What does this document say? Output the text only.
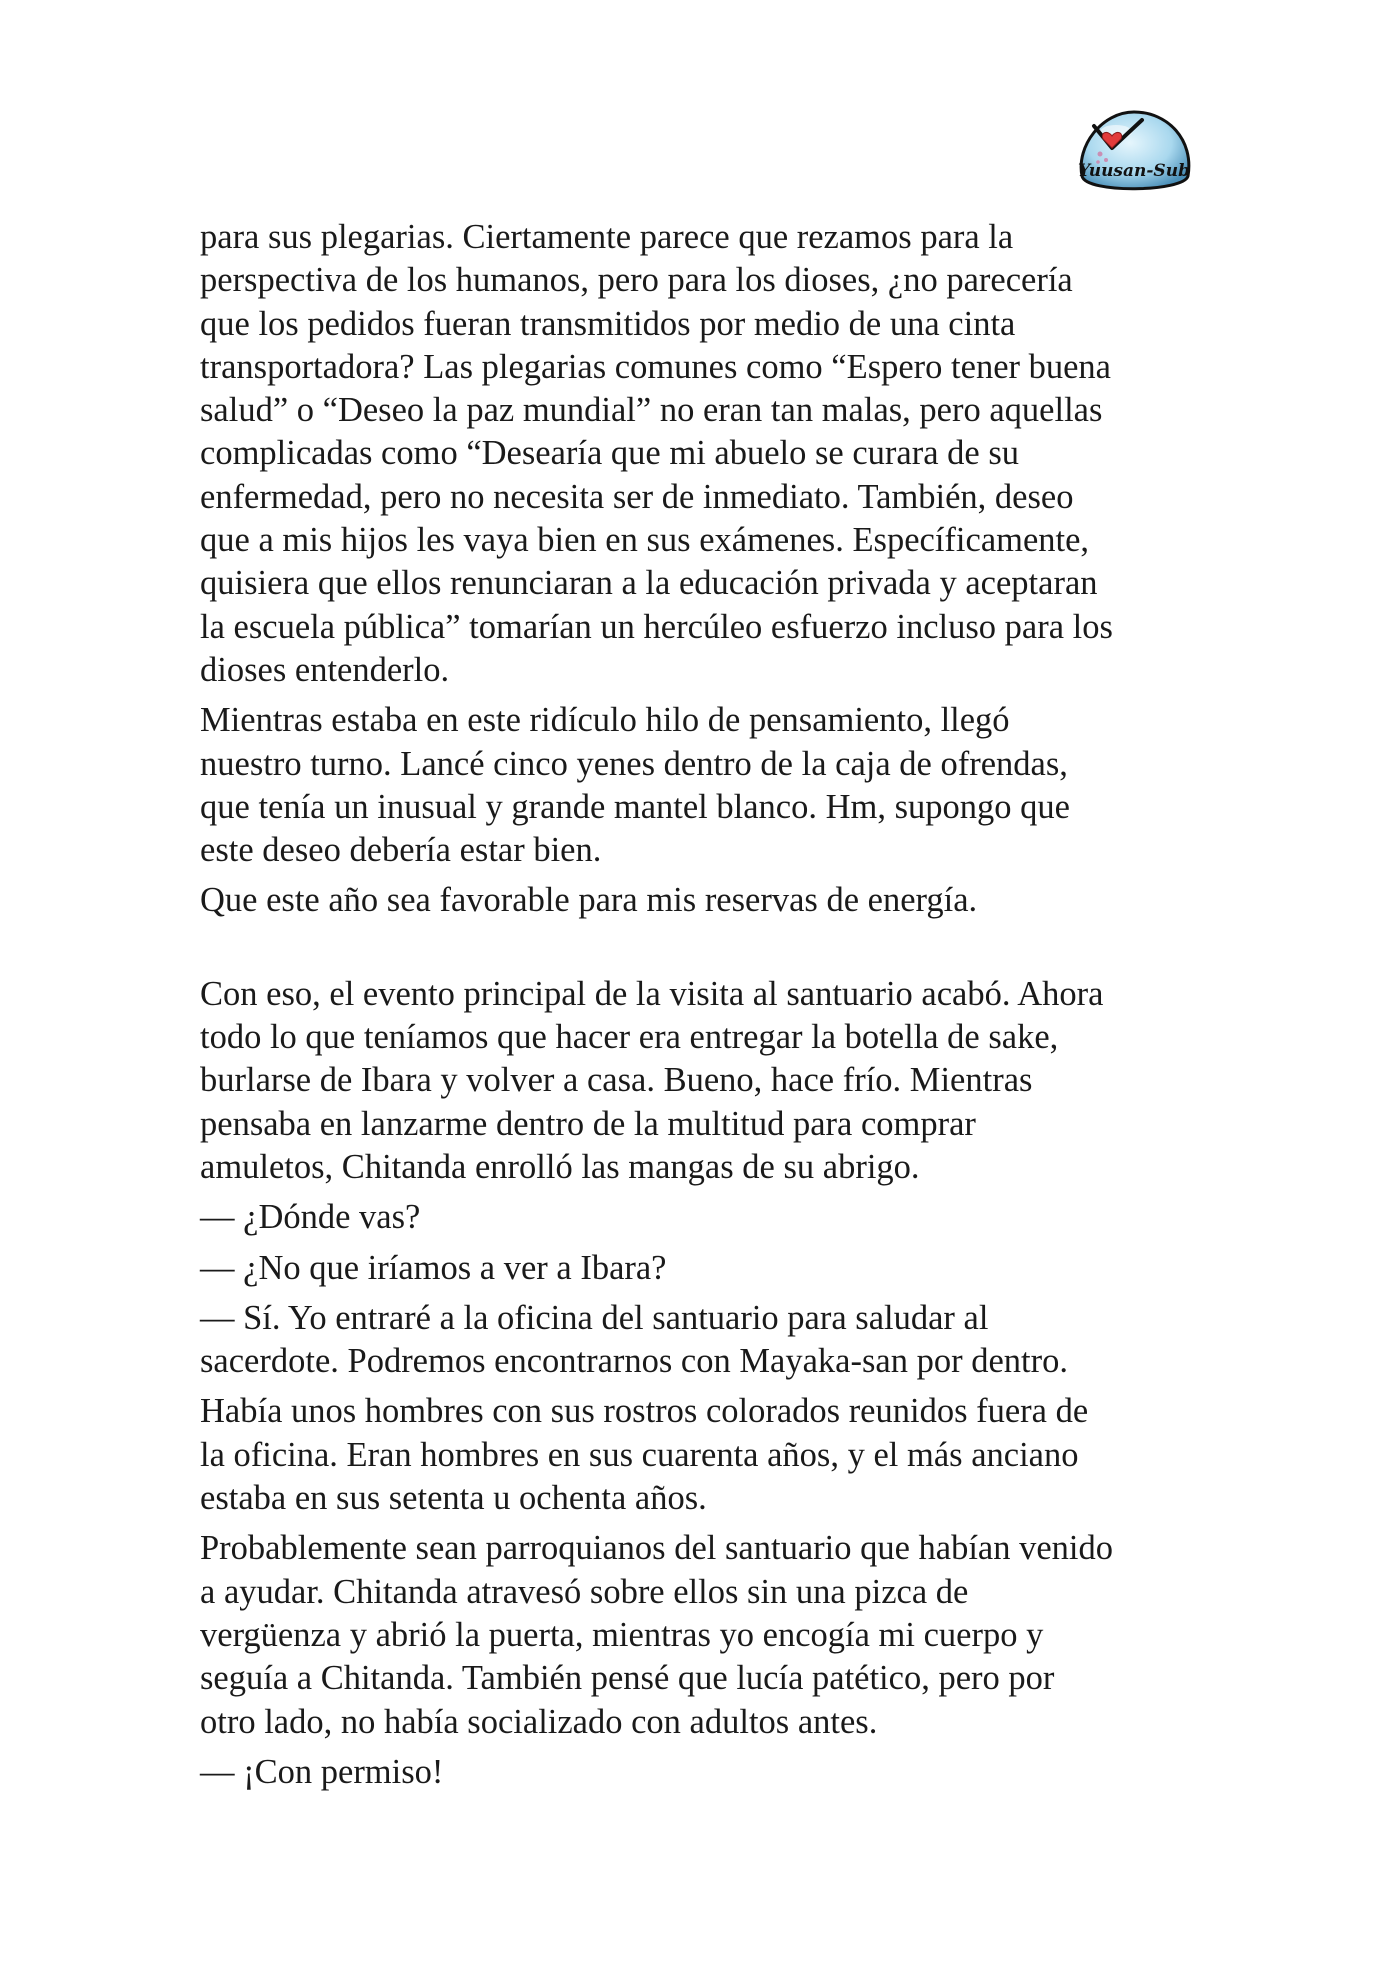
Yuusan-Sub

para sus plegarias. Ciertamente parece que rezamos para la
perspectiva de los humanos, pero para los dioses, ¿no parecería
que los pedidos fueran transmitidos por medio de una cinta
transportadora? Las plegarias comunes como “Espero tener buena
salud” o “Deseo la paz mundial” no eran tan malas, pero aquellas
complicadas como “Desearía que mi abuelo se curara de su
enfermedad, pero no necesita ser de inmediato. También, deseo
que a mis hijos les vaya bien en sus exámenes. Específicamente,
quisiera que ellos renunciaran a la educación privada y aceptaran
la escuela pública” tomarían un hercúleo esfuerzo incluso para los
dioses entenderlo.

Mientras estaba en este ridículo hilo de pensamiento, llegó
nuestro turno. Lancé cinco yenes dentro de la caja de ofrendas,
que tenía un inusual y grande mantel blanco. Hm, supongo que
este deseo debería estar bien.

Que este año sea favorable para mis reservas de energía.

Con eso, el evento principal de la visita al santuario acabó. Ahora
todo lo que teníamos que hacer era entregar la botella de sake,
burlarse de Ibara y volver a casa. Bueno, hace frío. Mientras
pensaba en lanzarme dentro de la multitud para comprar
amuletos, Chitanda enrolló las mangas de su abrigo.

— ¿Dónde vas?

— ¿No que iríamos a ver a Ibara?

— Sí. Yo entraré a la oficina del santuario para saludar al
sacerdote. Podremos encontrarnos con Mayaka-san por dentro.

Había unos hombres con sus rostros colorados reunidos fuera de
la oficina. Eran hombres en sus cuarenta años, y el más anciano
estaba en sus setenta u ochenta años.

Probablemente sean parroquianos del santuario que habían venido
a ayudar. Chitanda atravesó sobre ellos sin una pizca de
vergüenza y abrió la puerta, mientras yo encogía mi cuerpo y
seguía a Chitanda. También pensé que lucía patético, pero por
otro lado, no había socializado con adultos antes.

— ¡Con permiso!
